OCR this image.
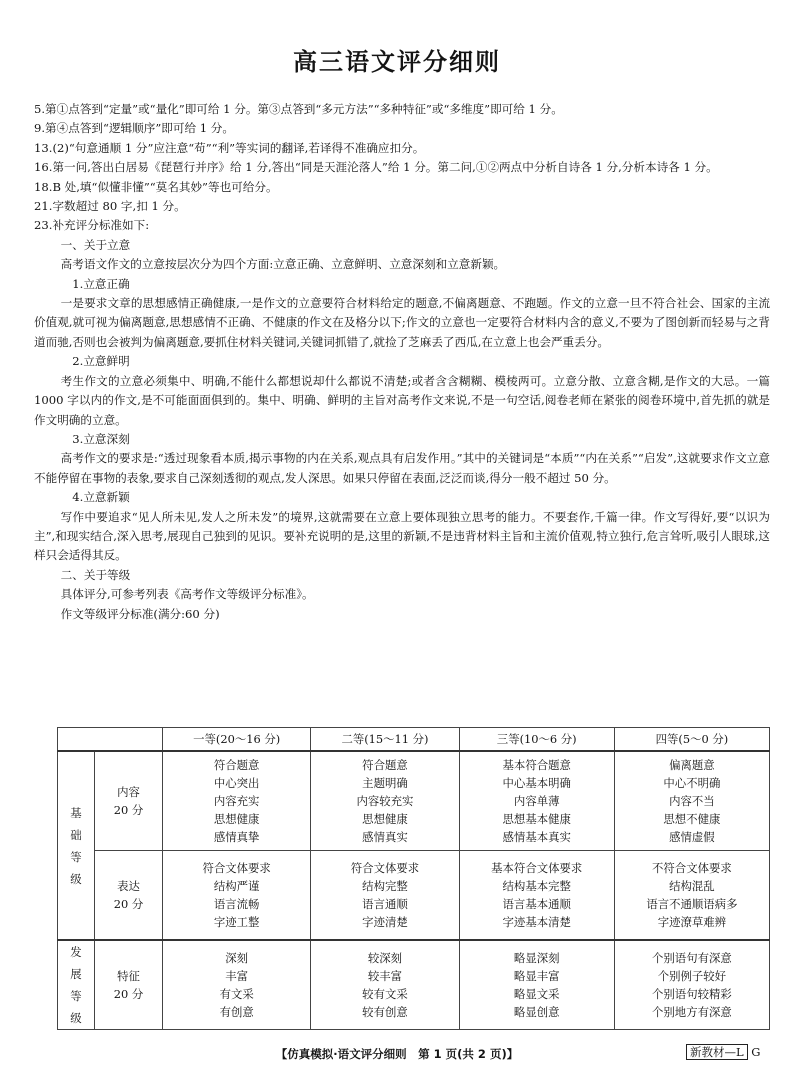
高三语文评分细则

5.第①点答到“定量”或“量化”即可给 1 分。第③点答到“多元方法”“多种特征”或“多维度”即可给 1 分。

9.第④点答到“逻辑顺序”即可给 1 分。

13.(2)“句意通顺 1 分”应注意“苟”“利”等实词的翻译,若译得不准确应扣分。

16.第一问,答出白居易《琵琶行并序》给 1 分,答出“同是天涯沦落人”给 1 分。第二问,①②两点中分析自诗各 1 分,分析本诗各 1 分。

18.B 处,填“似懂非懂”“莫名其妙”等也可给分。

21.字数超过 80 字,扣 1 分。

23.补充评分标准如下:

一、关于立意

高考语文作文的立意按层次分为四个方面:立意正确、立意鲜明、立意深刻和立意新颖。

1.立意正确

一是要求文章的思想感情正确健康,一是作文的立意要符合材料给定的题意,不偏离题意、不跑题。作文的立意一旦不符合社会、国家的主流价值观,就可视为偏离题意,思想感情不正确、不健康的作文在及格分以下;作文的立意也一定要符合材料内含的意义,不要为了图创新而轻易与之背道而驰,否则也会被判为偏离题意,要抓住材料关键词,关键词抓错了,就捡了芝麻丢了西瓜,在立意上也会严重丢分。

2.立意鲜明

考生作文的立意必须集中、明确,不能什么都想说却什么都说不清楚;或者含含糊糊、模棱两可。立意分散、立意含糊,是作文的大忌。一篇 1000 字以内的作文,是不可能面面俱到的。集中、明确、鲜明的主旨对高考作文来说,不是一句空话,阅卷老师在紧张的阅卷环境中,首先抓的就是作文明确的立意。

3.立意深刻

高考作文的要求是:“透过现象看本质,揭示事物的内在关系,观点具有启发作用。”其中的关键词是“本质”“内在关系”“启发”,这就要求作文立意不能停留在事物的表象,要求自己深刻透彻的观点,发人深思。如果只停留在表面,泛泛而谈,得分一般不超过 50 分。

4.立意新颖

写作中要追求“见人所未见,发人之所未发”的境界,这就需要在立意上要体现独立思考的能力。不要套作,千篇一律。作文写得好,要“以识为主”,和现实结合,深入思考,展现自己独到的见识。要补充说明的是,这里的新颖,不是违背材料主旨和主流价值观,特立独行,危言耸听,吸引人眼球,这样只会适得其反。

二、关于等级

具体评分,可参考列表《高考作文等级评分标准》。

作文等级评分标准(满分:60 分)

		一等(20～16 分)	二等(15～11 分)	三等(10～6 分)	四等(5～0 分)
基础等级	内容
20 分	符合题意
中心突出
内容充实
思想健康
感情真挚	符合题意
主题明确
内容较充实
思想健康
感情真实	基本符合题意
中心基本明确
内容单薄
思想基本健康
感情基本真实	偏离题意
中心不明确
内容不当
思想不健康
感情虚假
	表达
20 分	符合文体要求
结构严谨
语言流畅
字迹工整	符合文体要求
结构完整
语言通顺
字迹清楚	基本符合文体要求
结构基本完整
语言基本通顺
字迹基本清楚	不符合文体要求
结构混乱
语言不通顺语病多
字迹潦草难辨
发展等级	特征
20 分	深刻
丰富
有文采
有创意	较深刻
较丰富
较有文采
较有创意	略显深刻
略显丰富
略显文采
略显创意	个别语句有深意
个别例子较好
个别语句较精彩
个别地方有深意
【仿真模拟·语文评分细则　第 1 页(共 2 页)】	新教材—L G
